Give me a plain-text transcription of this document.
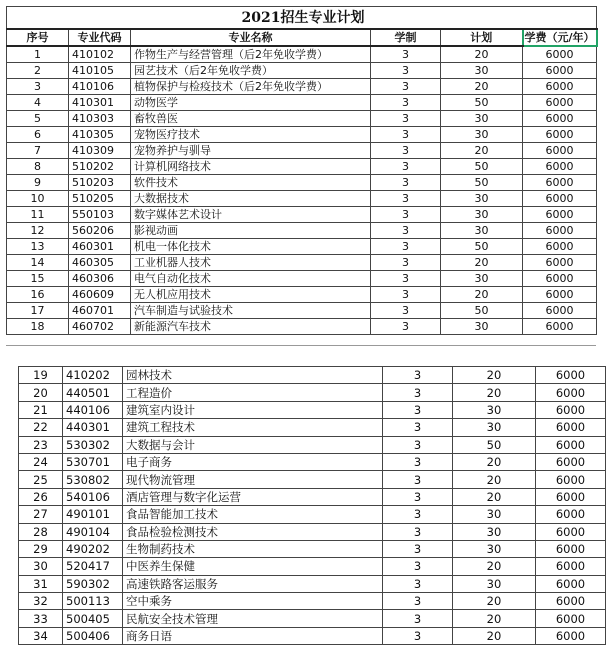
2021招生专业计划					
序号	专业代码	专业名称	学制	计划	学费（元/年）
1	410102	作物生产与经营管理（后2年免收学费）	3	20	6000
2	410105	园艺技术（后2年免收学费）	3	30	6000
3	410106	植物保护与检疫技术（后2年免收学费）	3	20	6000
4	410301	动物医学	3	50	6000
5	410303	畜牧兽医	3	30	6000
6	410305	宠物医疗技术	3	30	6000
7	410309	宠物养护与驯导	3	20	6000
8	510202	计算机网络技术	3	50	6000
9	510203	软件技术	3	50	6000
10	510205	大数据技术	3	30	6000
11	550103	数字媒体艺术设计	3	30	6000
12	560206	影视动画	3	30	6000
13	460301	机电一体化技术	3	50	6000
14	460305	工业机器人技术	3	20	6000
15	460306	电气自动化技术	3	30	6000
16	460609	无人机应用技术	3	20	6000
17	460701	汽车制造与试验技术	3	50	6000
18	460702	新能源汽车技术	3	30	6000
19	410202	园林技术	3	20	6000
20	440501	工程造价	3	20	6000
21	440106	建筑室内设计	3	30	6000
22	440301	建筑工程技术	3	30	6000
23	530302	大数据与会计	3	50	6000
24	530701	电子商务	3	20	6000
25	530802	现代物流管理	3	20	6000
26	540106	酒店管理与数字化运营	3	20	6000
27	490101	食品智能加工技术	3	30	6000
28	490104	食品检验检测技术	3	30	6000
29	490202	生物制药技术	3	30	6000
30	520417	中医养生保健	3	20	6000
31	590302	高速铁路客运服务	3	30	6000
32	500113	空中乘务	3	20	6000
33	500405	民航安全技术管理	3	20	6000
34	500406	商务日语	3	20	6000
